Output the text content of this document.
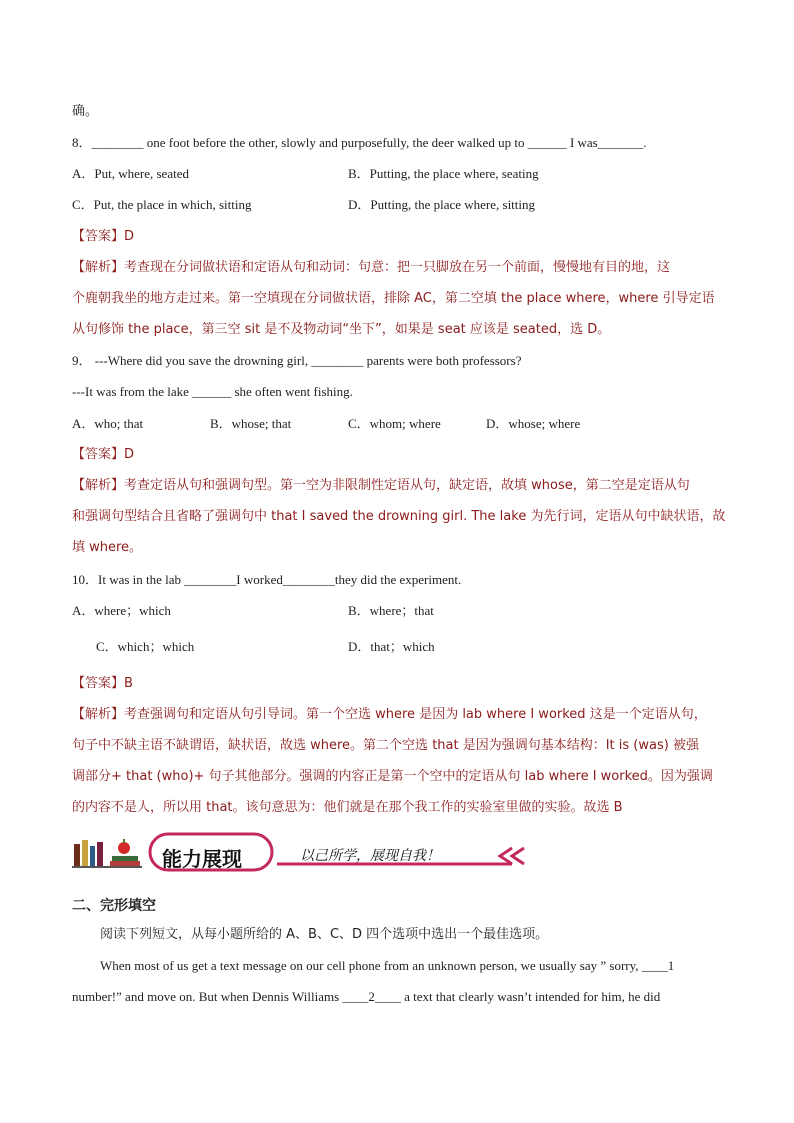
确。
8．________ one foot before the other, slowly and purposefully, the deer walked up to ______ I was_______.
A．Put, where, seated	B．Putting, the place where, seating
C．Put, the place in which, sitting	D．Putting, the place where, sitting
【答案】D
【解析】考查现在分词做状语和定语从句和动词：句意：把一只脚放在另一个前面，慢慢地有目的地，这
个鹿朝我坐的地方走过来。第一空填现在分词做状语，排除 AC，第二空填 the place where，where 引导定语
从句修饰 the place，第三空 sit 是不及物动词“坐下”，如果是 seat 应该是 seated，选 D。
9． ---Where did you save the drowning girl, ________ parents were both professors?
---It was from the lake ______ she often went fishing.
A．who; that	B．whose; that	C．whom; where	D．whose; where
【答案】D
【解析】考查定语从句和强调句型。第一空为非限制性定语从句，缺定语，故填 whose，第二空是定语从句
和强调句型结合且省略了强调句中 that I saved the drowning girl. The lake 为先行词，定语从句中缺状语，故
填 where。
10．It was in the lab ________I worked________they did the experiment.
A．where；which	B．where；that
C．which；which	D．that；which
【答案】B
【解析】考查强调句和定语从句引导词。第一个空选 where 是因为 lab where I worked 这是一个定语从句，
句子中不缺主语不缺谓语，缺状语，故选 where。第二个空选 that 是因为强调句基本结构：It is (was) 被强
调部分+ that (who)+ 句子其他部分。强调的内容正是第一个空中的定语从句 lab where I worked。因为强调
的内容不是人，所以用 that。该句意思为：他们就是在那个我工作的实验室里做的实验。故选 B
能力展现	以己所学，展现自我！
二、完形填空
阅读下列短文，从每小题所给的 A、B、C、D 四个选项中选出一个最佳选项。
When most of us get a text message on our cell phone from an unknown person, we usually say ” sorry, ____1
number!” and move on. But when Dennis Williams ____2____ a text that clearly wasn’t intended for him, he did
